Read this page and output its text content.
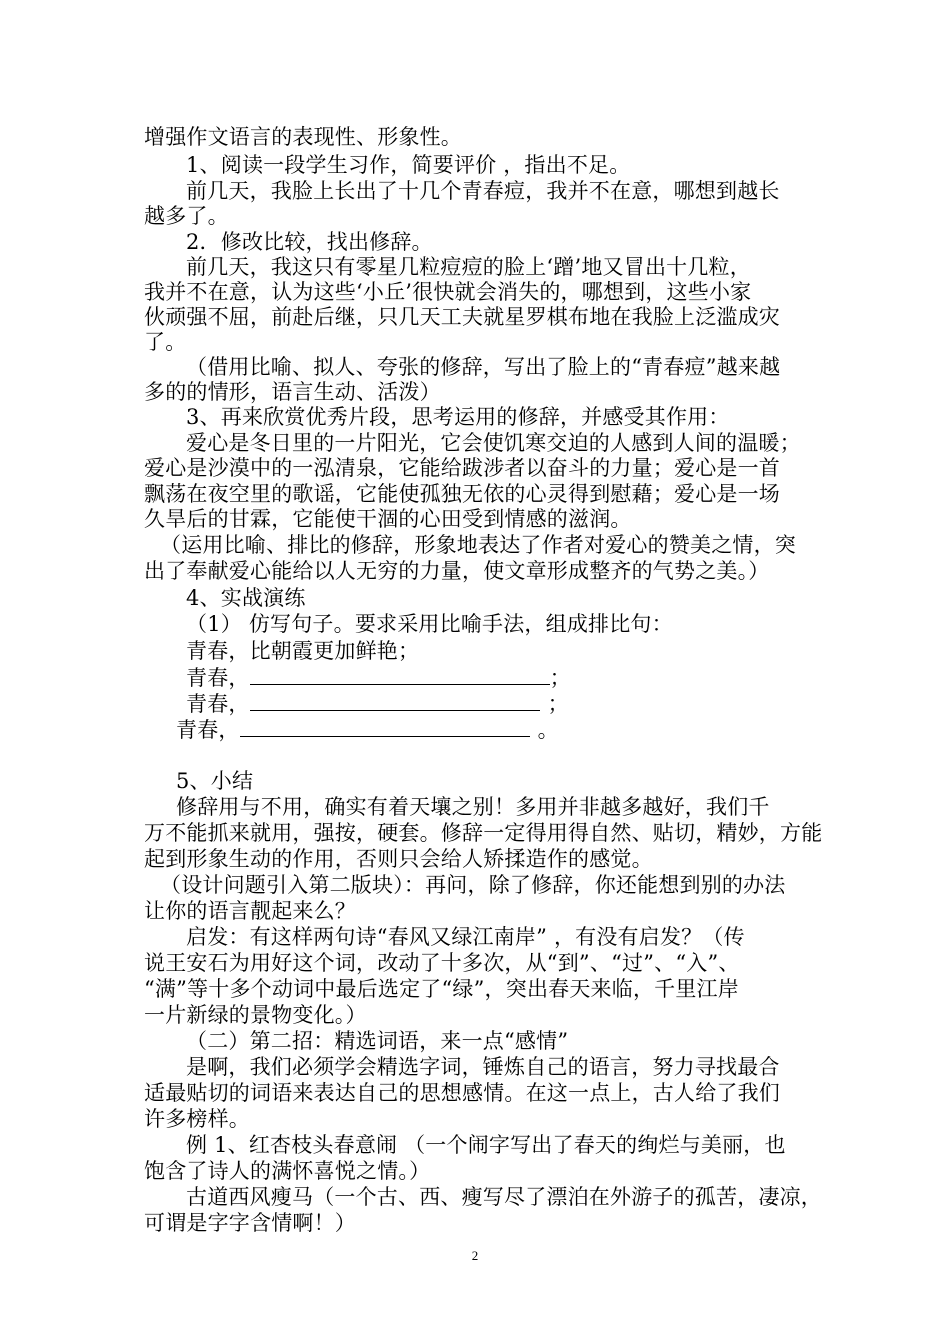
增强作文语言的表现性、形象性。
1、阅读一段学生习作，简要评价 ，指出不足。
前几天，我脸上长出了十几个青春痘，我并不在意，哪想到越长
越多了。
2．修改比较，找出修辞。
前几天，我这只有零星几粒痘痘的脸上‘蹭’地又冒出十几粒，
我并不在意，认为这些‘小丘’很快就会消失的，哪想到，这些小家
伙顽强不屈，前赴后继，只几天工夫就星罗棋布地在我脸上泛滥成灾
了。
（借用比喻、拟人、夸张的修辞，写出了脸上的“青春痘”越来越
多的的情形，语言生动、活泼）
3、再来欣赏优秀片段，思考运用的修辞，并感受其作用：
爱心是冬日里的一片阳光，它会使饥寒交迫的人感到人间的温暖；
爱心是沙漠中的一泓清泉，它能给跋涉者以奋斗的力量；爱心是一首
飘荡在夜空里的歌谣，它能使孤独无依的心灵得到慰藉；爱心是一场
久旱后的甘霖，它能使干涸的心田受到情感的滋润。
（运用比喻、排比的修辞，形象地表达了作者对爱心的赞美之情，突
出了奉献爱心能给以人无穷的力量，使文章形成整齐的气势之美。）
4、实战演练
（1） 仿写句子。要求采用比喻手法，组成排比句：
青春，比朝霞更加鲜艳；
青春，	；
青春，	；
青春，	。
5、小结
修辞用与不用，确实有着天壤之别！多用并非越多越好，我们千
万不能抓来就用，强按，硬套。修辞一定得用得自然、贴切，精妙，方能
起到形象生动的作用，否则只会给人矫揉造作的感觉。
（设计问题引入第二版块）：再问，除了修辞，你还能想到别的办法
让你的语言靓起来么？
启发：有这样两句诗“春风又绿江南岸” ，有没有启发？（传
说王安石为用好这个词，改动了十多次，从“到”、“过”、“入”、
“满”等十多个动词中最后选定了“绿”，突出春天来临，千里江岸
一片新绿的景物变化。）
（二）第二招：精选词语，来一点“感情”
是啊，我们必须学会精选字词，锤炼自己的语言，努力寻找最合
适最贴切的词语来表达自己的思想感情。在这一点上，古人给了我们
许多榜样。
例 1、红杏枝头春意闹 （一个闹字写出了春天的绚烂与美丽，也
饱含了诗人的满怀喜悦之情。）
古道西风瘦马（一个古、西、瘦写尽了漂泊在外游子的孤苦，凄凉，
可谓是字字含情啊！）
2
